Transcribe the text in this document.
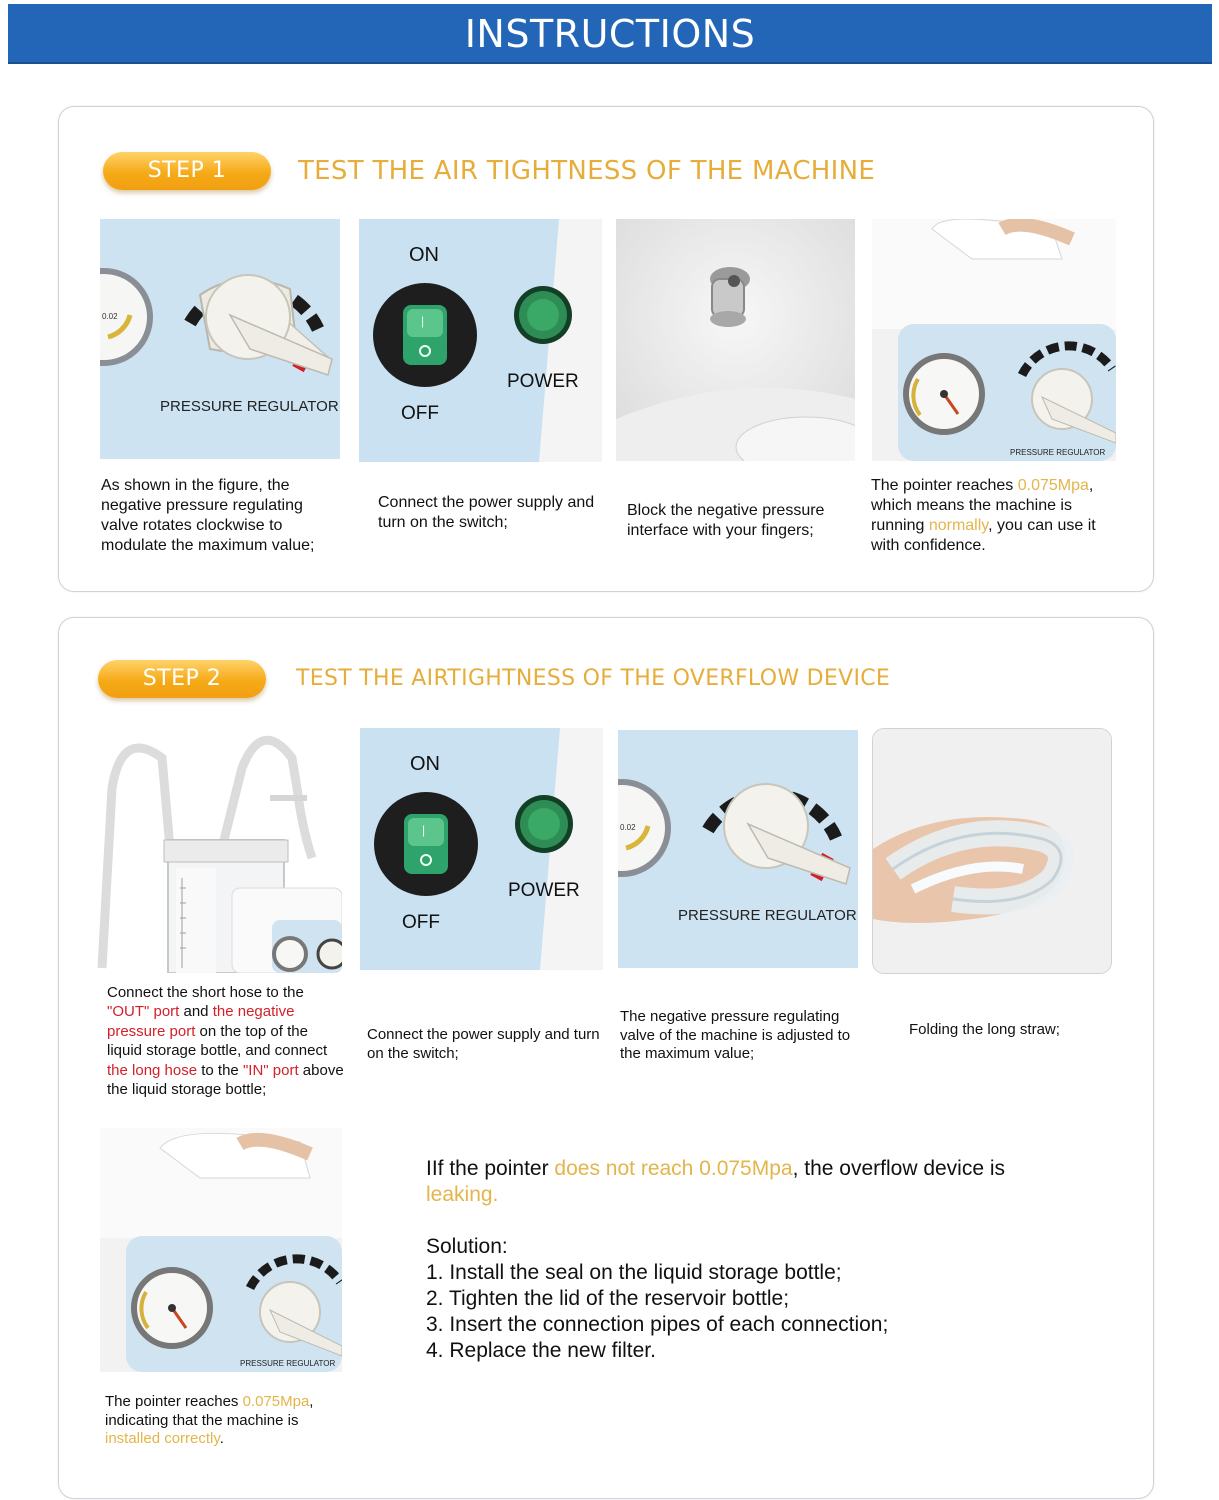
INSTRUCTIONS
STEP 1	TEST THE AIR TIGHTNESS OF THE MACHINE
0.02
PRESSURE REGULATOR
ON
|
POWER
OFF
PRESSURE REGULATOR
As shown in the figure, the negative pressure regulating valve rotates clockwise to modulate the maximum value;
Connect the power supply and turn on the switch;
Block the negative pressure interface with your fingers;
The pointer reaches 0.075Mpa, which means the machine is running normally, you can use it with confidence.
STEP 2	TEST THE AIRTIGHTNESS OF THE OVERFLOW DEVICE
ON
|
POWER
OFF
0.02
PRESSURE REGULATOR
Connect the short hose to the "OUT" port and the negative pressure port on the top of the liquid storage bottle, and connect the long hose to the "IN" port above the liquid storage bottle;
Connect the power supply and turn on the switch;
The negative pressure regulating valve of the machine is adjusted to the maximum value;
Folding the long straw;
PRESSURE REGULATOR
The pointer reaches 0.075Mpa, indicating that the machine is installed correctly.
IIf the pointer does not reach 0.075Mpa, the overflow device is leaking.
Solution:
1. Install the seal on the liquid storage bottle;
2. Tighten the lid of the reservoir bottle;
3. Insert the connection pipes of each connection;
4. Replace the new filter.
